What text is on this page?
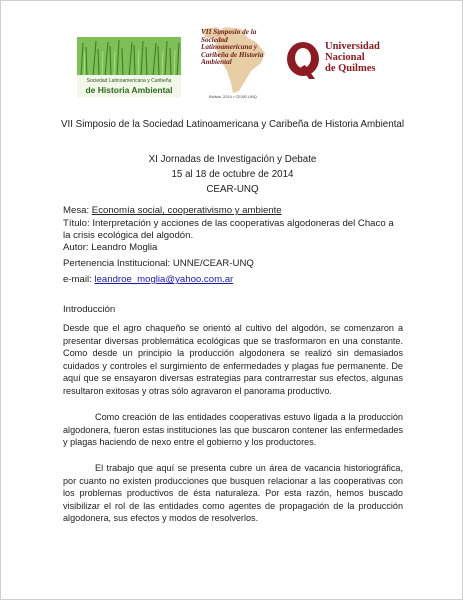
Sociedad Latinoamericana y Caribeña
de Historia Ambiental
VII Simposio de la Sociedad Latinoamericana y Caribeña de Historia Ambiental
Bolivia, 2014 • CEAR-UNQ
Universidad
Nacional
de Quilmes
VII Simposio de la Sociedad Latinoamericana y Caribeña de Historia Ambiental
XI Jornadas de Investigación y Debate
15 al 18 de octubre de 2014
CEAR-UNQ
Mesa: Economía social, cooperativismo y ambiente
Título: Interpretación y acciones de las cooperativas algodoneras del Chaco a la crisis ecológica del algodón.
Autor: Leandro Moglia
Pertenencia Institucional: UNNE/CEAR-UNQ
e-mail: leandroe_moglia@yahoo.com.ar
Introducción
Desde que el agro chaqueño se orientó al cultivo del algodón, se comenzaron a presentar diversas problemática ecológicas que se trasformaron en una constante. Como desde un principio la producción algodonera se realizó sin demasiados cuidados y controles el surgimiento de enfermedades y plagas fue permanente. De aquí que se ensayaron diversas estrategias para contrarrestar sus efectos, algunas resultaron exitosas y otras sólo agravaron el panorama productivo.
Como creación de las entidades cooperativas estuvo ligada a la producción algodonera, fueron estas instituciones las que buscaron contener las enfermedades y plagas haciendo de nexo entre el gobierno y los productores.
El trabajo que aquí se presenta cubre un área de vacancia historiográfica, por cuanto no existen producciones que busquen relacionar a las cooperativas con los problemas productivos de ésta naturaleza. Por esta razón, hemos buscado visibilizar el rol de las entidades como agentes de propagación de la producción algodonera, sus efectos y modos de resolverlos.
